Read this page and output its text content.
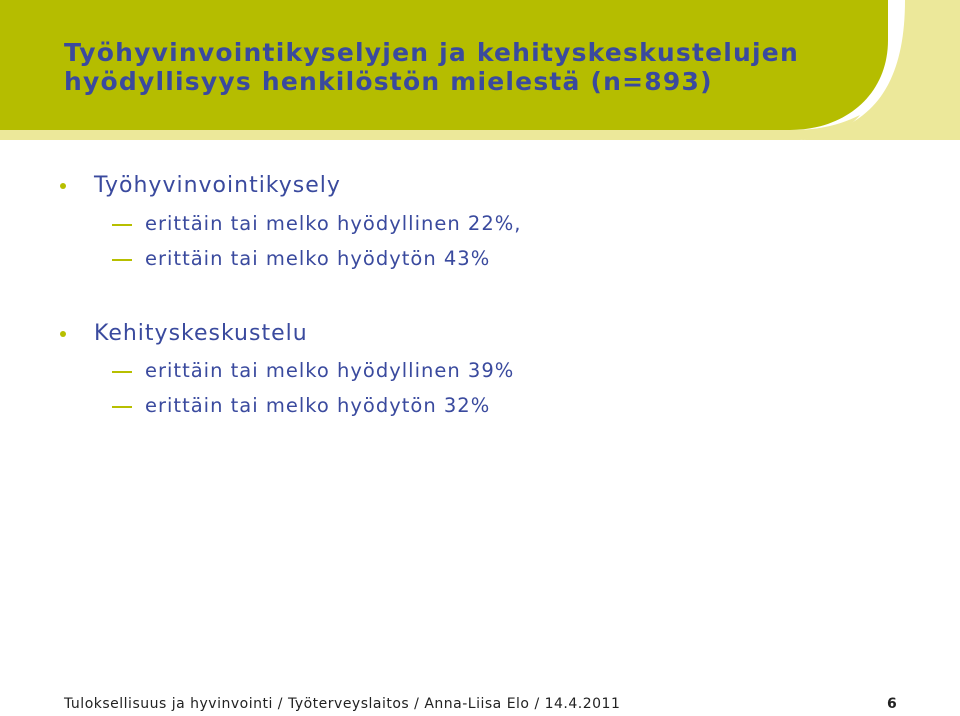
Työhyvinvointikyselyjen ja kehityskeskustelujen
hyödyllisyys henkilöstön mielestä (n=893)
Työhyvinvointikysely
erittäin tai melko hyödyllinen 22%,
erittäin tai melko hyödytön 43%
Kehityskeskustelu
erittäin tai melko hyödyllinen 39%
erittäin tai melko hyödytön 32%
Tuloksellisuus ja hyvinvointi / Työterveyslaitos / Anna-Liisa Elo / 14.4.2011	6
